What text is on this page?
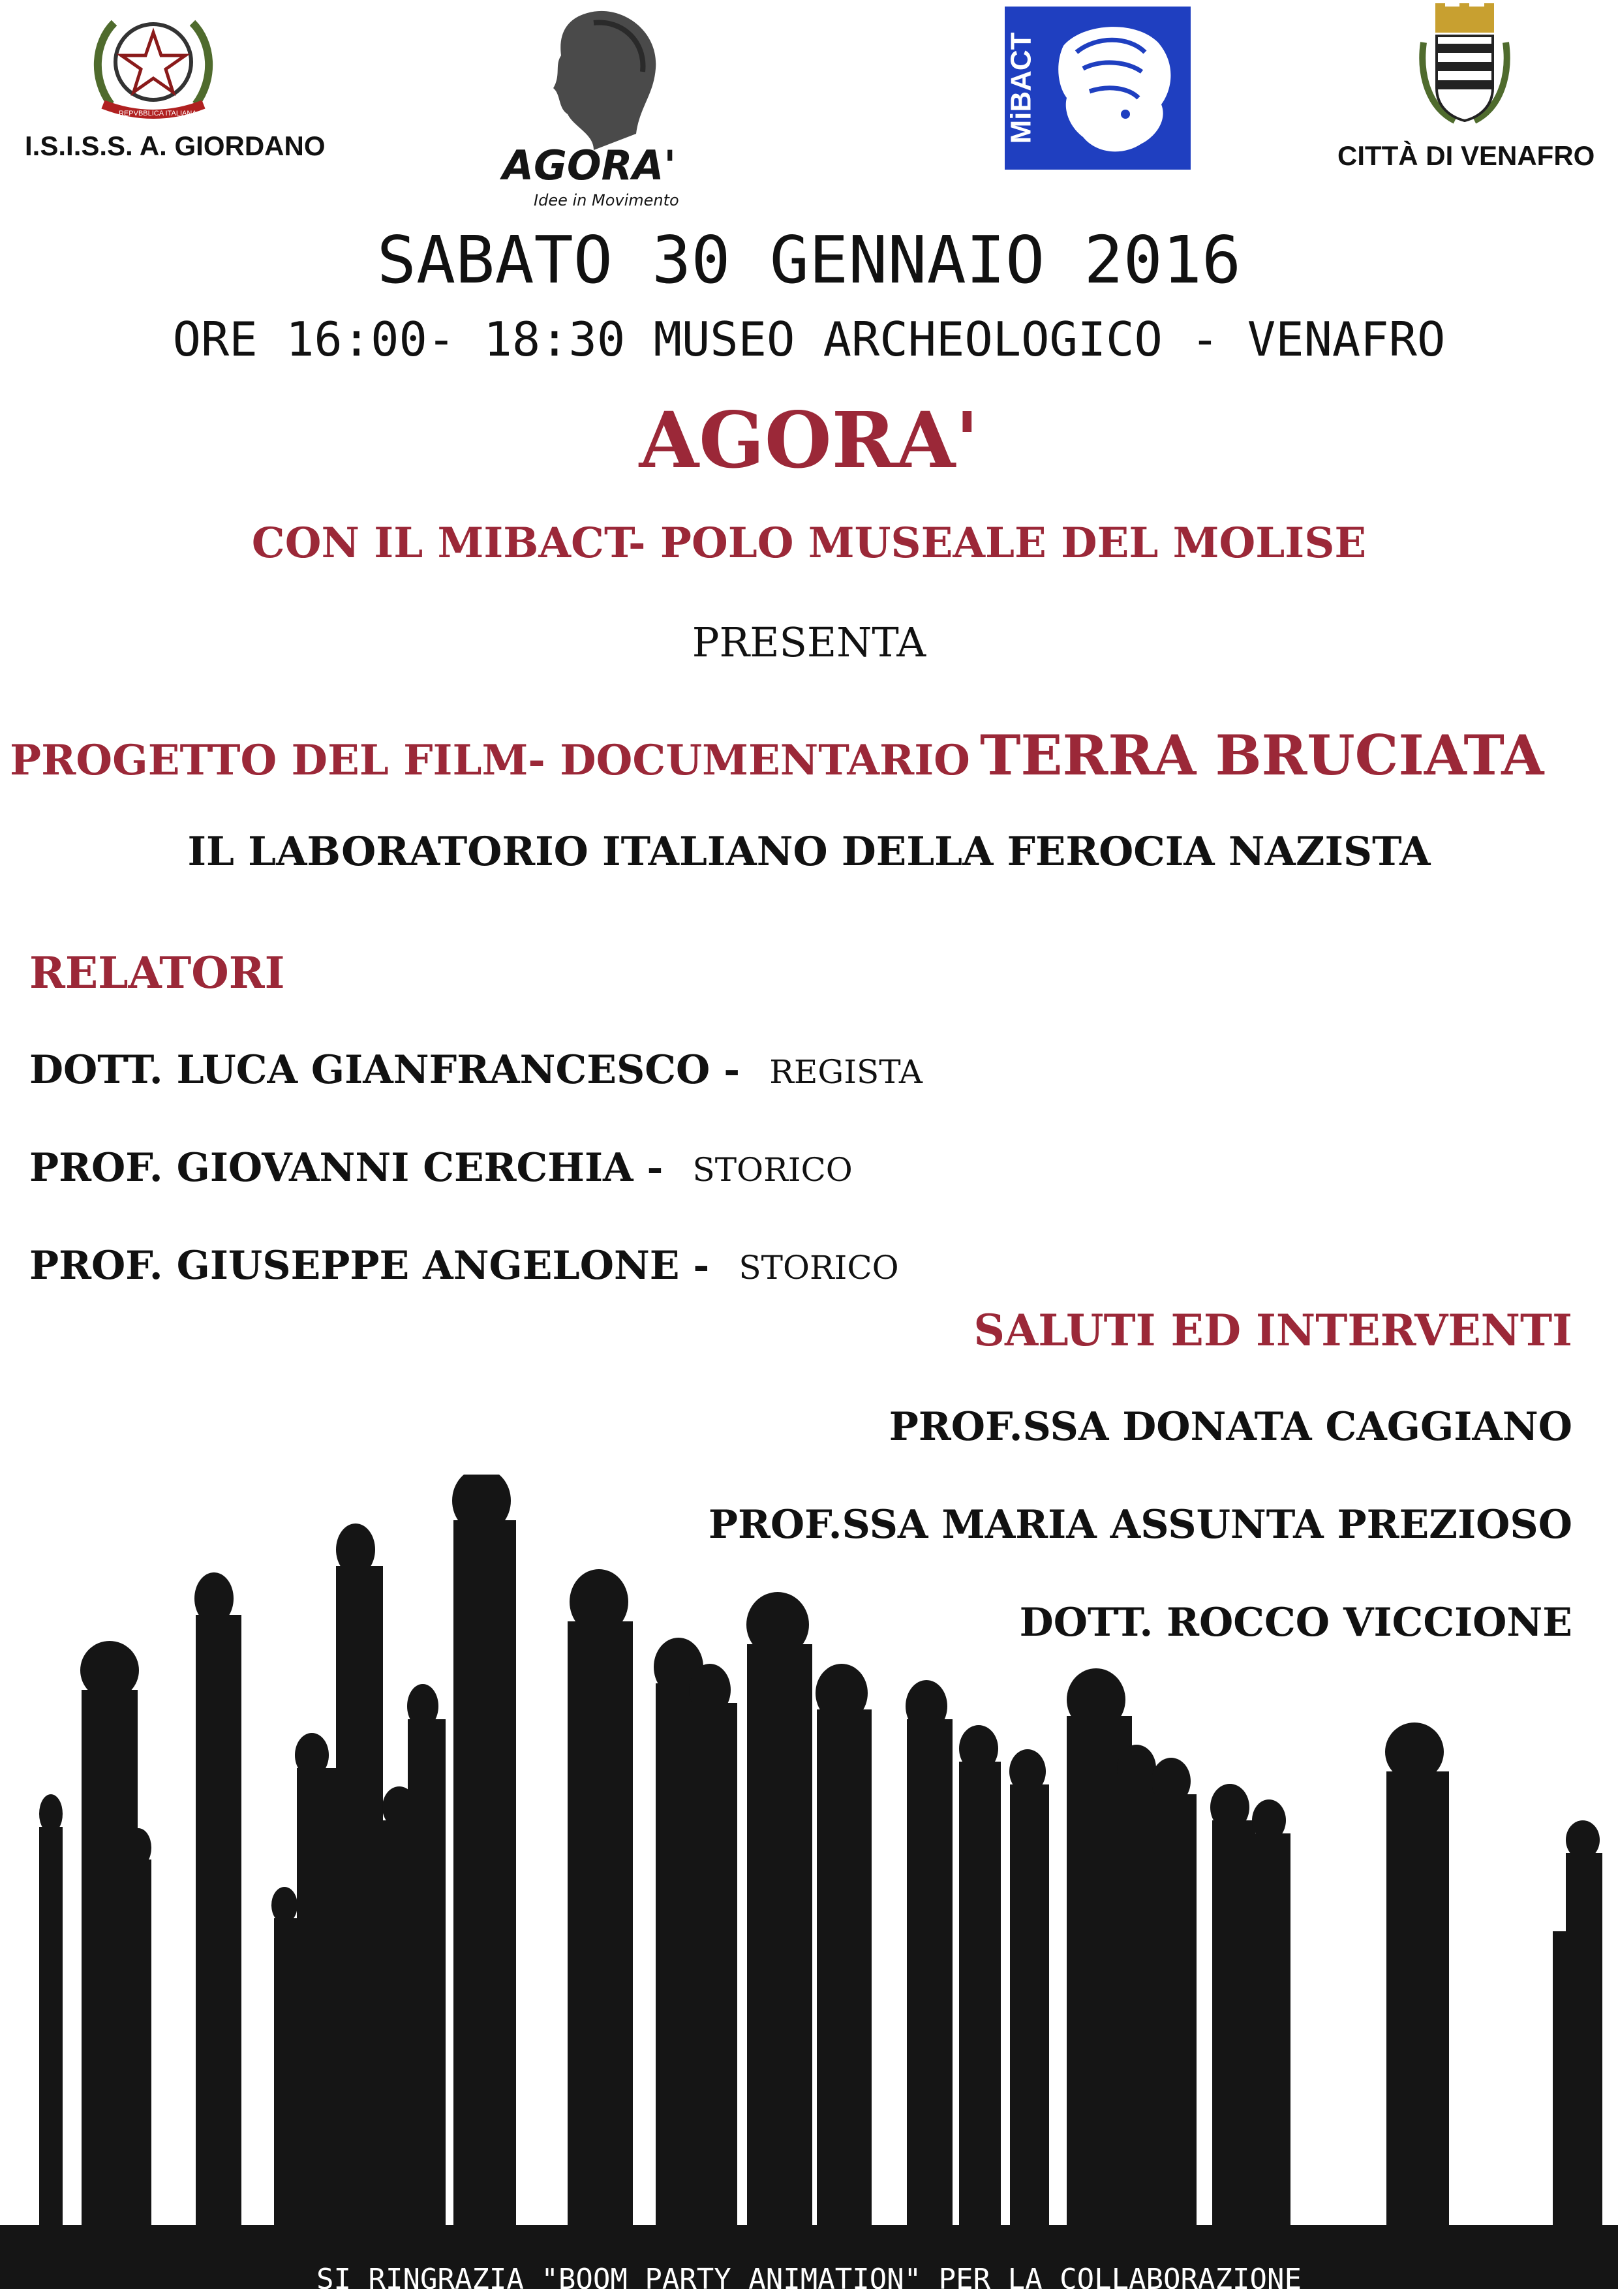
REPVBBLICA ITALIANA
I.S.I.S.S. A. GIORDANO	AGORA'
Idee in Movimento
MiBACT
CITTÀ DI VENAFRO
SABATO 30 GENNAIO 2016
ORE 16:00- 18:30 MUSEO ARCHEOLOGICO - VENAFRO
AGORA'
CON IL MIBACT- POLO MUSEALE DEL MOLISE
PRESENTA
PROGETTO DEL FILM- DOCUMENTARIO TERRA BRUCIATA
IL LABORATORIO ITALIANO DELLA FEROCIA NAZISTA
RELATORI
DOTT. LUCA GIANFRANCESCO - REGISTA
PROF. GIOVANNI CERCHIA - STORICO
PROF. GIUSEPPE ANGELONE - STORICO
SALUTI ED INTERVENTI
PROF.SSA DONATA CAGGIANO
PROF.SSA MARIA ASSUNTA PREZIOSO
DOTT. ROCCO VICCIONE
SI RINGRAZIA "BOOM PARTY ANIMATION" PER LA COLLABORAZIONE
